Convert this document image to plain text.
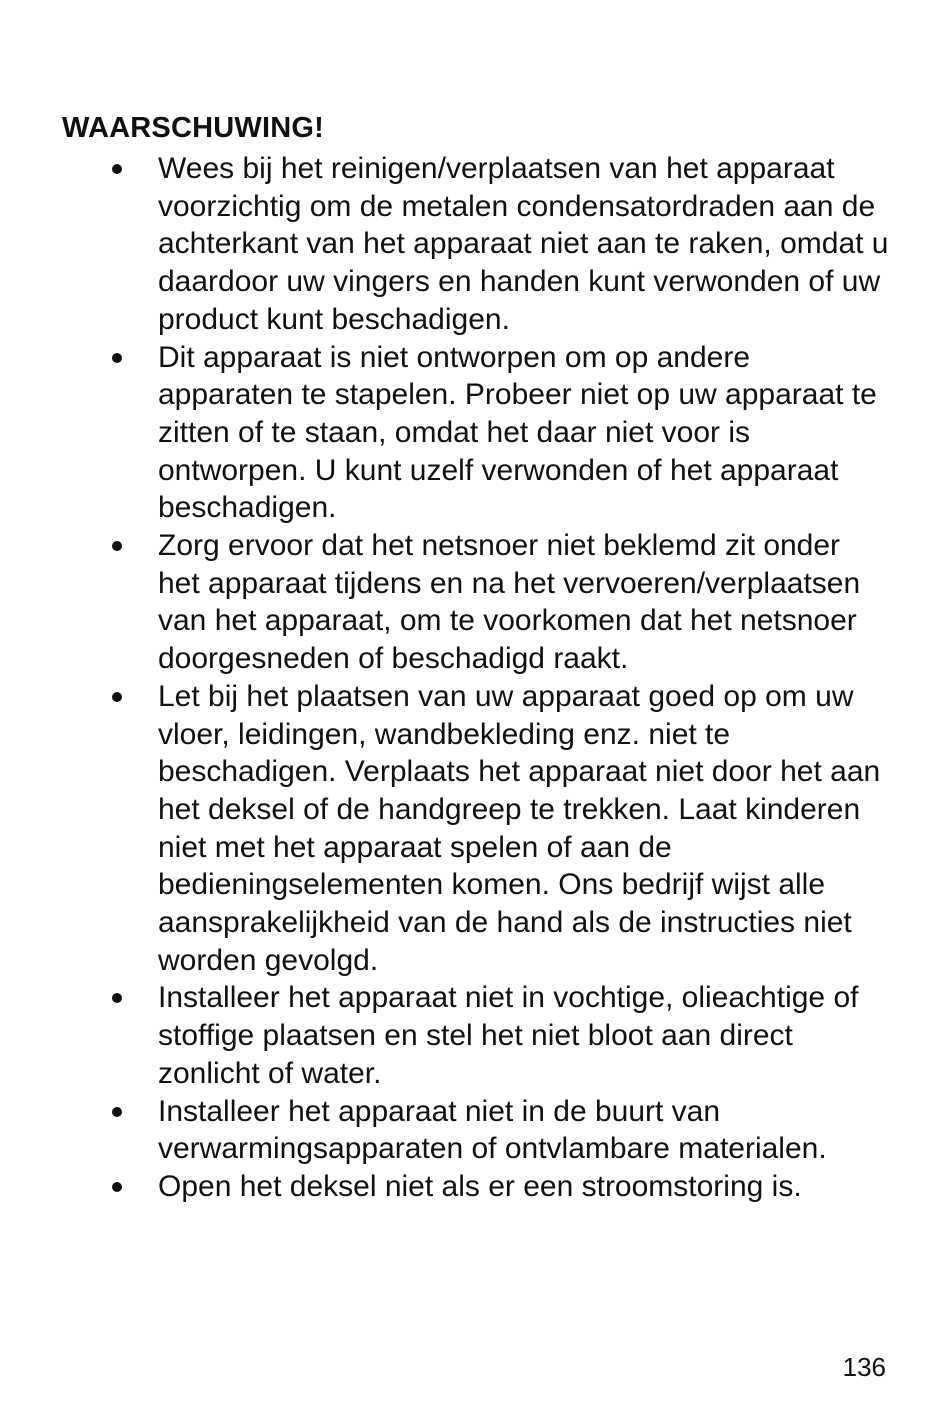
WAARSCHUWING!
Wees bij het reinigen/verplaatsen van het apparaat voorzichtig om de metalen condensatordraden aan de achterkant van het apparaat niet aan te raken, omdat u daardoor uw vingers en handen kunt verwonden of uw product kunt beschadigen.
Dit apparaat is niet ontworpen om op andere apparaten te stapelen. Probeer niet op uw apparaat te zitten of te staan, omdat het daar niet voor is ontworpen. U kunt uzelf verwonden of het apparaat beschadigen.
Zorg ervoor dat het netsnoer niet beklemd zit onder het apparaat tijdens en na het vervoeren/verplaatsen van het apparaat, om te voorkomen dat het netsnoer doorgesneden of beschadigd raakt.
Let bij het plaatsen van uw apparaat goed op om uw vloer, leidingen, wandbekleding enz. niet te beschadigen. Verplaats het apparaat niet door het aan het deksel of de handgreep te trekken. Laat kinderen niet met het apparaat spelen of aan de bedieningselementen komen. Ons bedrijf wijst alle aansprakelijkheid van de hand als de instructies niet worden gevolgd.
Installeer het apparaat niet in vochtige, olieachtige of stoffige plaatsen en stel het niet bloot aan direct zonlicht of water.
Installeer het apparaat niet in de buurt van verwarmingsapparaten of ontvlambare materialen.
Open het deksel niet als er een stroomstoring is.
136
